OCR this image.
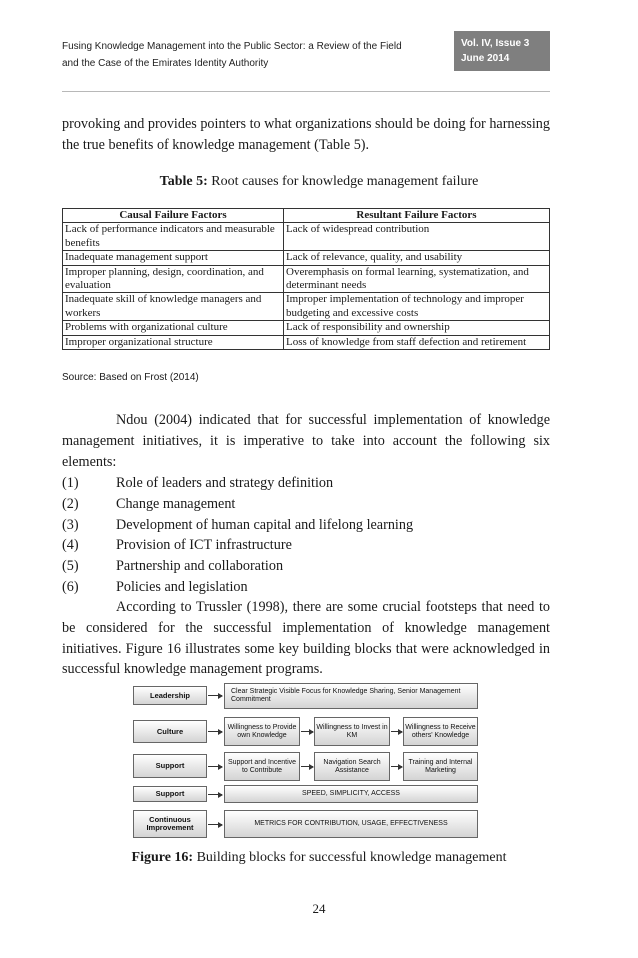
Fusing Knowledge Management into the Public Sector: a Review of the Field
and the Case of the Emirates Identity Authority
Vol. IV, Issue 3
June 2014

provoking and provides pointers to what organizations should be doing for harnessing the true benefits of knowledge management (Table 5).

Table 5: Root causes for knowledge management failure
Causal Failure Factors	Resultant Failure Factors
Lack of performance indicators and measurable benefits	Lack of widespread contribution
Inadequate management support	Lack of relevance, quality, and usability
Improper planning, design, coordination, and evaluation	Overemphasis on formal learning, systematization, and determinant needs
Inadequate skill of knowledge managers and workers	Improper implementation of technology and improper budgeting and excessive costs
Problems with organizational culture	Lack of responsibility and ownership
Improper organizational structure	Loss of knowledge from staff defection and retirement
Source: Based on Frost (2014)

Ndou (2004) indicated that for successful implementation of knowledge management initiatives, it is imperative to take into account the following six elements:

(1)	Role of leaders and strategy definition
(2)	Change management
(3)	Development of human capital and lifelong learning
(4)	Provision of ICT infrastructure
(5)	Partnership and collaboration
(6)	Policies and legislation

According to Trussler (1998), there are some crucial footsteps that need to be considered for the successful implementation of knowledge management initiatives. Figure 16 illustrates some key building blocks that were acknowledged in successful knowledge management programs.

Leadership	Clear Strategic Visible Focus for Knowledge Sharing, Senior Management Commitment
Culture	Willingness to Provide own Knowledge
Willingness to Invest in KM
Willingness to Receive others' Knowledge
Support	Support and Incentive to Contribute
Navigation Search Assistance
Training and Internal Marketing
Support	SPEED, SIMPLICITY, ACCESS
Continuous Improvement	METRICS FOR CONTRIBUTION, USAGE, EFFECTIVENESS
Figure 16: Building blocks for successful knowledge management
24
